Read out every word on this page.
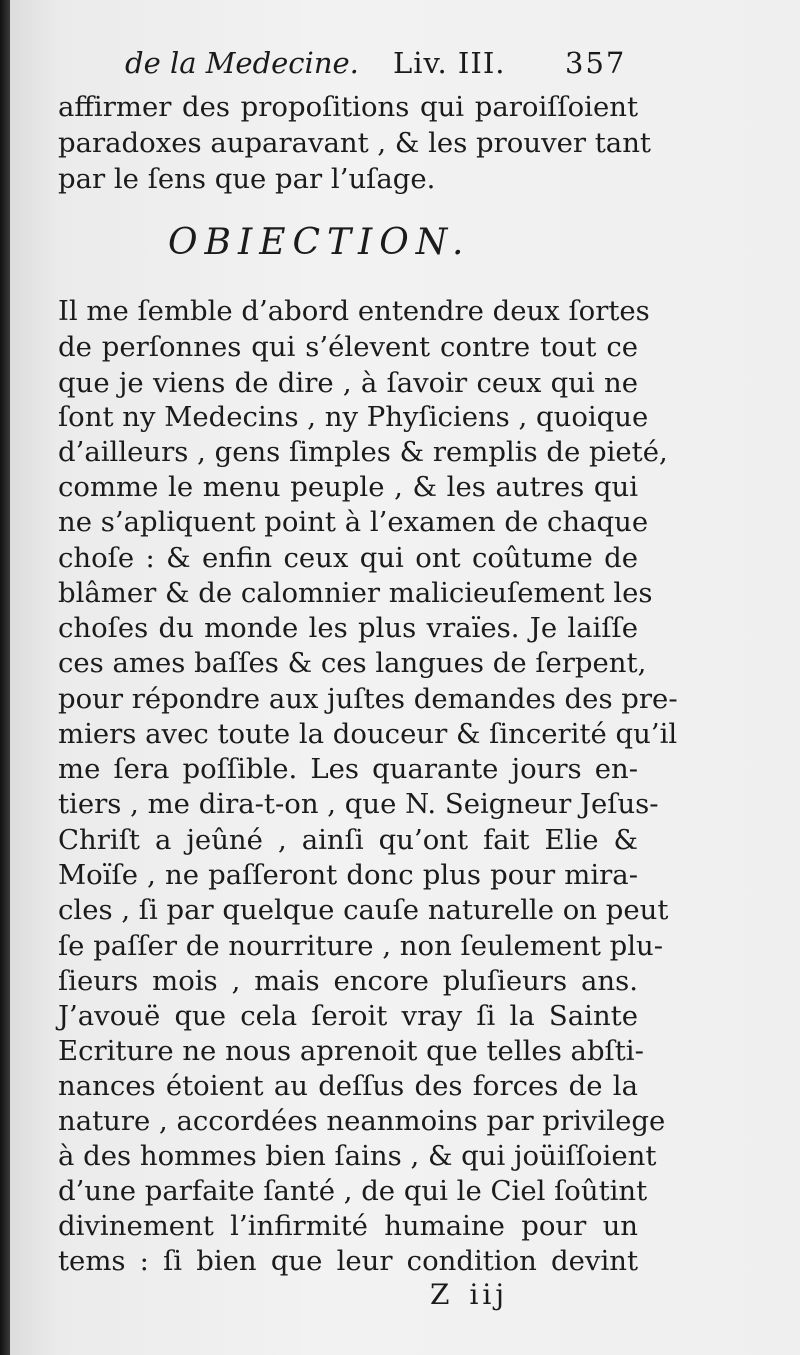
de la Medecine. Liv. III. 357
affirmer des propoſitions qui paroiſſoient
paradoxes auparavant , & les prouver tant
par le ſens que par l’uſage.
OBIECTION.
Il me ſemble d’abord entendre deux ſortes
de perſonnes qui s’élevent contre tout ce
que je viens de dire , à ſavoir ceux qui ne
ſont ny Medecins , ny Phyſiciens , quoique
d’ailleurs , gens ſimples & remplis de pieté,
comme le menu peuple , & les autres qui
ne s’apliquent point à l’examen de chaque
choſe : & enfin ceux qui ont coûtume de
blâmer & de calomnier malicieuſement les
choſes du monde les plus vraïes. Je laiſſe
ces ames baſſes & ces langues de ſerpent,
pour répondre aux juſtes demandes des pre-
miers avec toute la douceur & ſincerité qu’il
me ſera poſſible. Les quarante jours en-
tiers , me dira-t-on , que N. Seigneur Jeſus-
Chriſt a jeûné , ainſi qu’ont fait Elie &
Moïſe , ne paſſeront donc plus pour mira-
cles , ſi par quelque cauſe naturelle on peut
ſe paſſer de nourriture , non ſeulement plu-
ſieurs mois , mais encore pluſieurs ans.
J’avouë que cela ſeroit vray ſi la Sainte
Ecriture ne nous aprenoit que telles abſti-
nances étoient au deſſus des forces de la
nature , accordées neanmoins par privilege
à des hommes bien ſains , & qui joüiſſoient
d’une parfaite ſanté , de qui le Ciel ſoûtint
divinement l’infirmité humaine pour un
tems : ſi bien que leur condition devint
Z iij
